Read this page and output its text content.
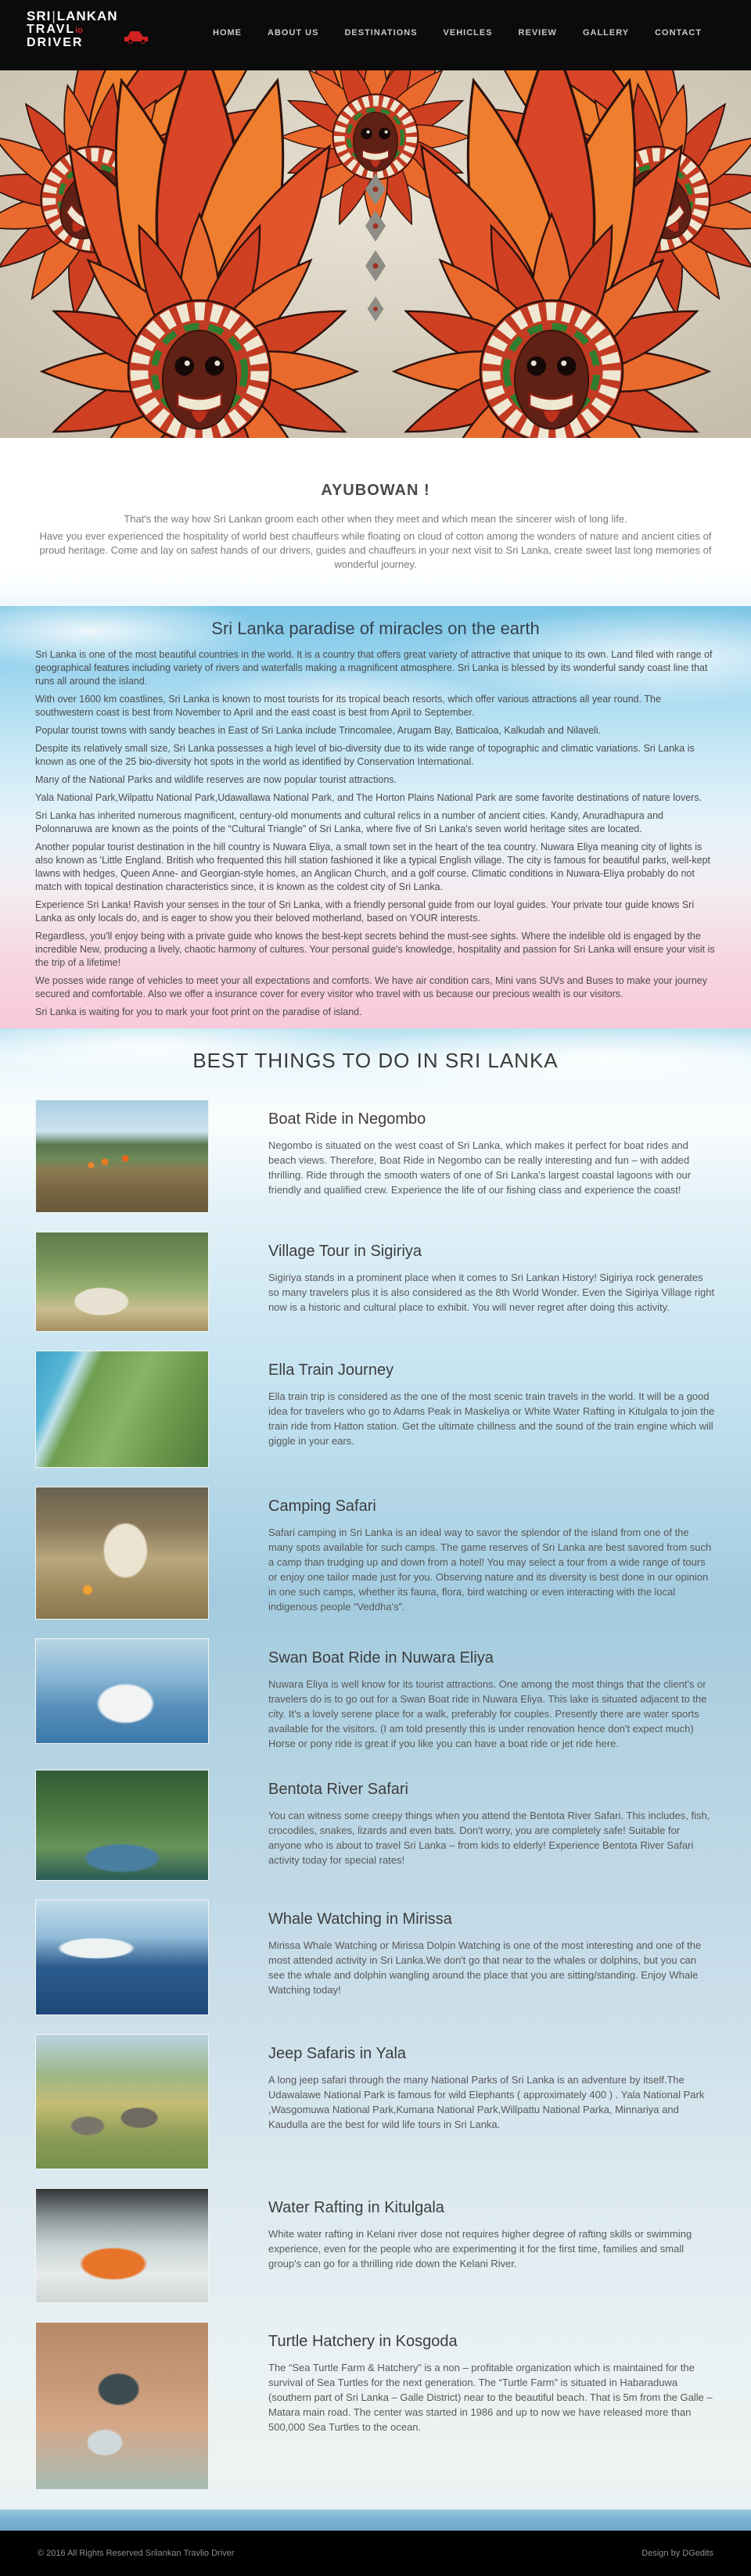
SRI|LANKAN
TRAVLio
DRIVER
HOME	ABOUT US	DESTINATIONS	VEHICLES	REVIEW	GALLERY	CONTACT
AYUBOWAN !

That's the way how Sri Lankan groom each other when they meet and which mean the sincerer wish of long life.

Have you ever experienced the hospitality of world best chauffeurs while floating on cloud of cotton among the wonders of nature and ancient cities of proud heritage. Come and lay on safest hands of our drivers, guides and chauffeurs in your next visit to Sri Lanka, create sweet last long memories of wonderful journey.

Sri Lanka paradise of miracles on the earth

Sri Lanka is one of the most beautiful countries in the world. It is a country that offers great variety of attractive that unique to its own. Land filed with range of geographical features including variety of rivers and waterfalls making a magnificent atmosphere. Sri Lanka is blessed by its wonderful sandy coast line that runs all around the island.

With over 1600 km coastlines, Sri Lanka is known to most tourists for its tropical beach resorts, which offer various attractions all year round. The southwestern coast is best from November to April and the east coast is best from April to September.

Popular tourist towns with sandy beaches in East of Sri Lanka include Trincomalee, Arugam Bay, Batticaloa, Kalkudah and Nilaveli.

Despite its relatively small size, Sri Lanka possesses a high level of bio-diversity due to its wide range of topographic and climatic variations. Sri Lanka is known as one of the 25 bio-diversity hot spots in the world as identified by Conservation International.

Many of the National Parks and wildlife reserves are now popular tourist attractions.

Yala National Park,Wilpattu National Park,Udawallawa National Park, and The Horton Plains National Park are some favorite destinations of nature lovers.

Sri Lanka has inherited numerous magnificent, century-old monuments and cultural relics in a number of ancient cities. Kandy, Anuradhapura and Polonnaruwa are known as the points of the “Cultural Triangle” of Sri Lanka, where five of Sri Lanka's seven world heritage sites are located.

Another popular tourist destination in the hill country is Nuwara Eliya, a small town set in the heart of the tea country. Nuwara Eliya meaning city of lights is also known as 'Little England. British who frequented this hill station fashioned it like a typical English village. The city is famous for beautiful parks, well-kept lawns with hedges, Queen Anne- and Georgian-style homes, an Anglican Church, and a golf course. Climatic conditions in Nuwara-Eliya probably do not match with topical destination characteristics since, it is known as the coldest city of Sri Lanka.

Experience Sri Lanka! Ravish your senses in the tour of Sri Lanka, with a friendly personal guide from our loyal guides. Your private tour guide knows Sri Lanka as only locals do, and is eager to show you their beloved motherland, based on YOUR interests.

Regardless, you'll enjoy being with a private guide who knows the best-kept secrets behind the must-see sights. Where the indelible old is engaged by the incredible New, producing a lively, chaotic harmony of cultures. Your personal guide's knowledge, hospitality and passion for Sri Lanka will ensure your visit is the trip of a lifetime!

We posses wide range of vehicles to meet your all expectations and comforts. We have air condition cars, Mini vans SUVs and Buses to make your journey secured and comfortable. Also we offer a insurance cover for every visitor who travel with us because our precious wealth is our visitors.

Sri Lanka is waiting for you to mark your foot print on the paradise of island.

BEST THINGS TO DO IN SRI LANKA
Boat Ride in Negombo

Negombo is situated on the west coast of Sri Lanka, which makes it perfect for boat rides and beach views. Therefore, Boat Ride in Negombo can be really interesting and fun – with added thrilling. Ride through the smooth waters of one of Sri Lanka's largest coastal lagoons with our friendly and qualified crew. Experience the life of our fishing class and experience the coast!

Village Tour in Sigiriya

Sigiriya stands in a prominent place when it comes to Sri Lankan History! Sigiriya rock generates so many travelers plus it is also considered as the 8th World Wonder. Even the Sigiriya Village right now is a historic and cultural place to exhibit. You will never regret after doing this activity.

Ella Train Journey

Ella train trip is considered as the one of the most scenic train travels in the world. It will be a good idea for travelers who go to Adams Peak in Maskeliya or White Water Rafting in Kitulgala to join the train ride from Hatton station. Get the ultimate chillness and the sound of the train engine which will giggle in your ears.

Camping Safari

Safari camping in Sri Lanka is an ideal way to savor the splendor of the island from one of the many spots available for such camps. The game reserves of Sri Lanka are best savored from such a camp than trudging up and down from a hotel! You may select a tour from a wide range of tours or enjoy one tailor made just for you. Observing nature and its diversity is best done in our opinion in one such camps, whether its fauna, flora, bird watching or even interacting with the local indigenous people “Veddha's”.

Swan Boat Ride in Nuwara Eliya

Nuwara Eliya is well know for its tourist attractions. One among the most things that the client's or travelers do is to go out for a Swan Boat ride in Nuwara Eliya. This lake is situated adjacent to the city. It's a lovely serene place for a walk, preferably for couples. Presently there are water sports available for the visitors. (I am told presently this is under renovation hence don't expect much) Horse or pony ride is great if you like you can have a boat ride or jet ride here.

Bentota River Safari

You can witness some creepy things when you attend the Bentota River Safari. This includes, fish, crocodiles, snakes, lizards and even bats. Don't worry, you are completely safe! Suitable for anyone who is about to travel Sri Lanka – from kids to elderly! Experience Bentota River Safari activity today for special rates!

Whale Watching in Mirissa

Mirissa Whale Watching or Mirissa Dolpin Watching is one of the most interesting and one of the most attended activity in Sri Lanka.We don't go that near to the whales or dolphins, but you can see the whale and dolphin wangling around the place that you are sitting/standing. Enjoy Whale Watching today!

Jeep Safaris in Yala

A long jeep safari through the many National Parks of Sri Lanka is an adventure by itself.The Udawalawe National Park is famous for wild Elephants ( approximately 400 ) . Yala National Park ,Wasgomuwa National Park,Kumana National Park,Willpattu National Parka, Minnariya and Kaudulla are the best for wild life tours in Sri Lanka.

Water Rafting in Kitulgala

White water rafting in Kelani river dose not requires higher degree of rafting skills or swimming experience, even for the people who are experimenting it for the first time, families and small group's can go for a thrilling ride down the Kelani River.

Turtle Hatchery in Kosgoda

The “Sea Turtle Farm & Hatchery” is a non – profitable organization which is maintained for the survival of Sea Turtles for the next generation. The “Turtle Farm” is situated in Habaraduwa (southern part of Sri Lanka – Galle District) near to the beautiful beach. That is 5m from the Galle – Matara main road. The center was started in 1986 and up to now we have released more than 500,000 Sea Turtles to the ocean.

© 2016 All Rights Reserved Srilankan Travlio Driver	Design by DGedits
